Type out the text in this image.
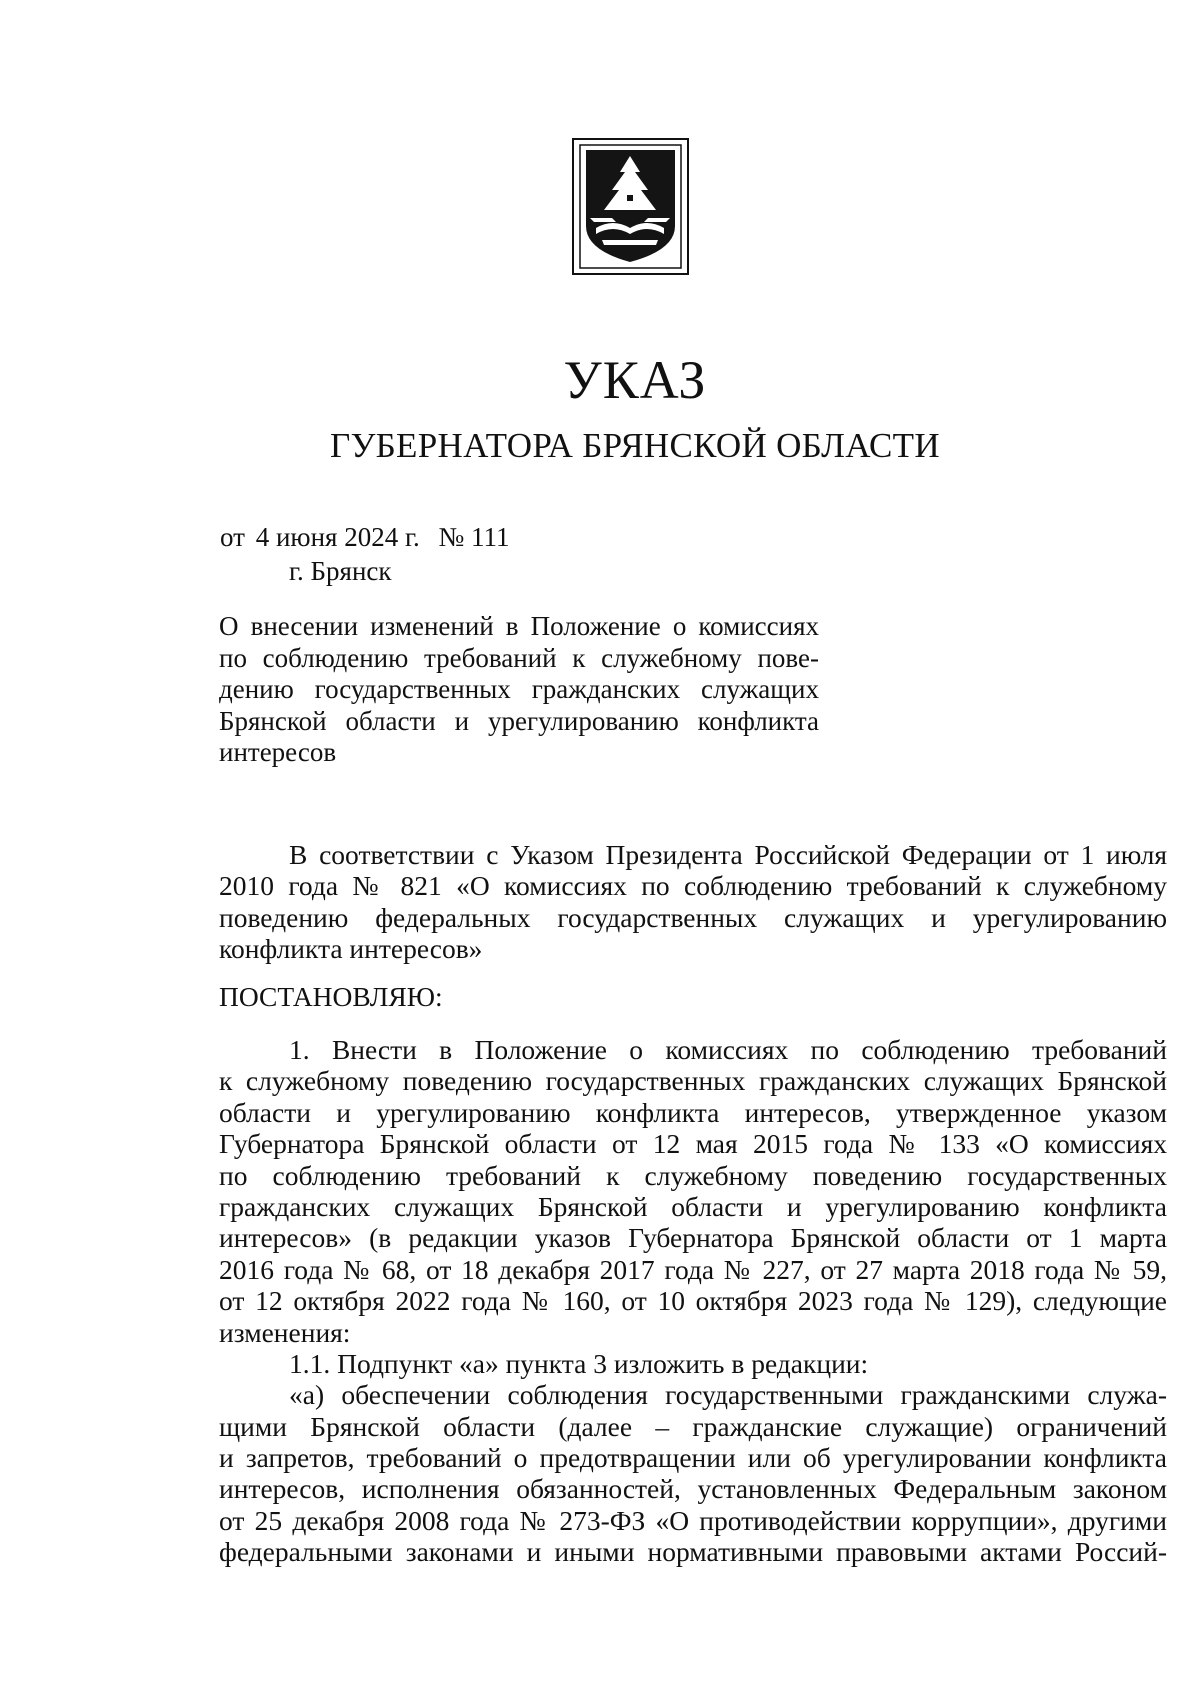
УКАЗ
ГУБЕРНАТОРА БРЯНСКОЙ ОБЛАСТИ
от 4 июня 2024 г. № 111
г. Брянск
О внесении изменений в Положение о комиссиях
по соблюдению требований к служебному пове-
дению государственных гражданских служащих
Брянской области и урегулированию конфликта
интересов
В соответствии с Указом Президента Российской Федерации от 1 июля
2010 года № 821 «О комиссиях по соблюдению требований к служебному
поведению федеральных государственных служащих и урегулированию
конфликта интересов»
ПОСТАНОВЛЯЮ:
1. Внести в Положение о комиссиях по соблюдению требований
к служебному поведению государственных гражданских служащих Брянской
области и урегулированию конфликта интересов, утвержденное указом
Губернатора Брянской области от 12 мая 2015 года № 133 «О комиссиях
по соблюдению требований к служебному поведению государственных
гражданских служащих Брянской области и урегулированию конфликта
интересов» (в редакции указов Губернатора Брянской области от 1 марта
2016 года № 68, от 18 декабря 2017 года № 227, от 27 марта 2018 года № 59,
от 12 октября 2022 года № 160, от 10 октября 2023 года № 129), следующие
изменения:
1.1. Подпункт «а» пункта 3 изложить в редакции:
«а) обеспечении соблюдения государственными гражданскими служа-
щими Брянской области (далее – гражданские служащие) ограничений
и запретов, требований о предотвращении или об урегулировании конфликта
интересов, исполнения обязанностей, установленных Федеральным законом
от 25 декабря 2008 года № 273-ФЗ «О противодействии коррупции», другими
федеральными законами и иными нормативными правовыми актами Россий-
